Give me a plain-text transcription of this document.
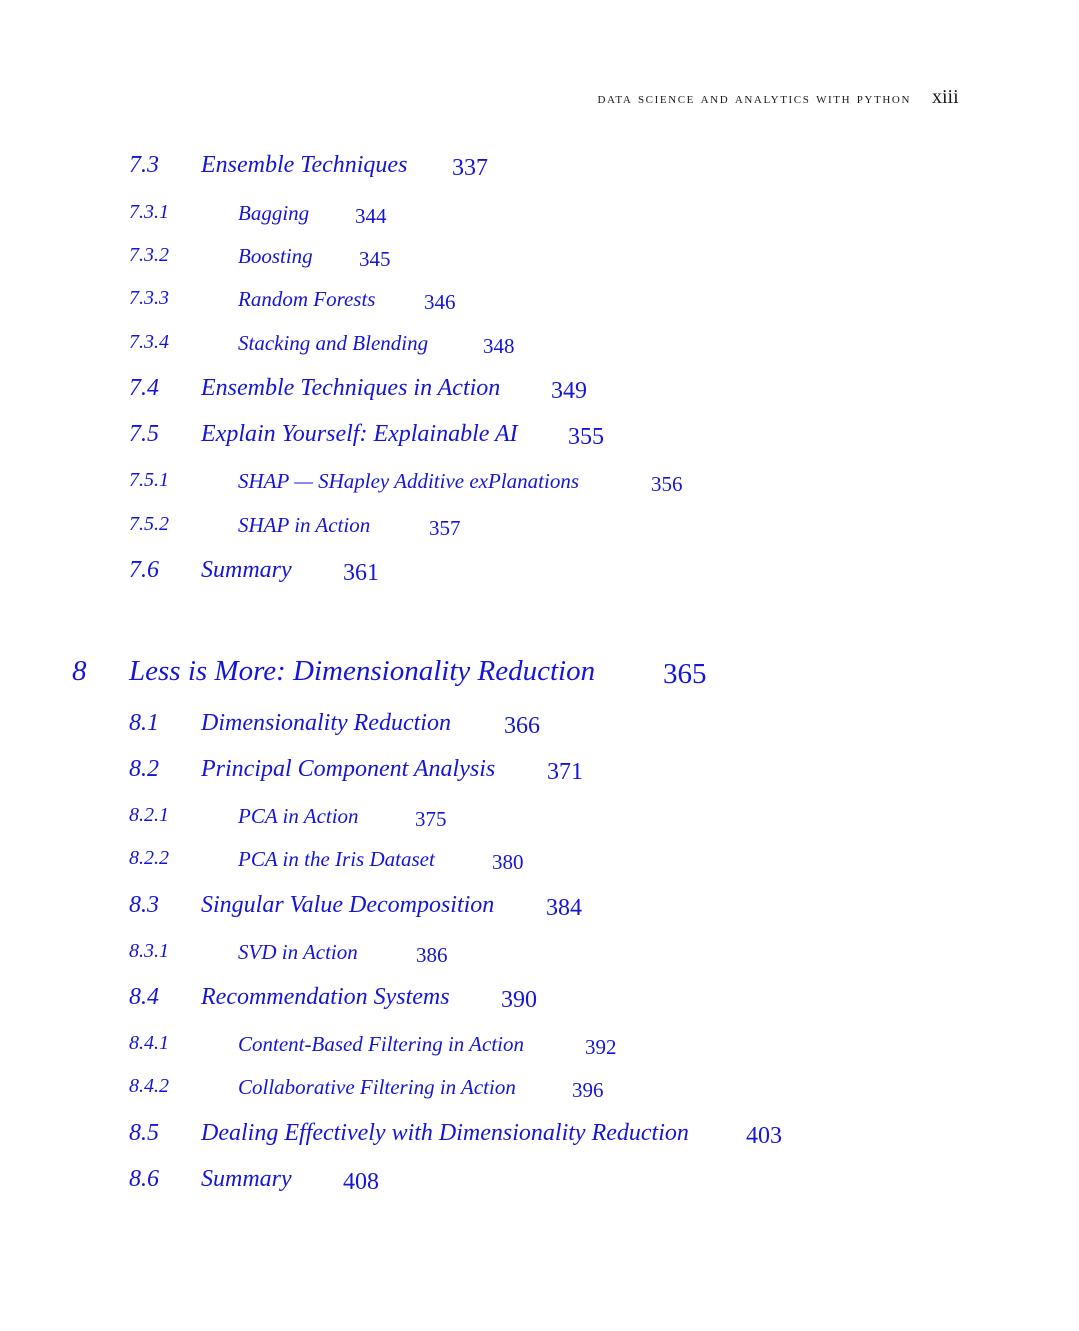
data science and analytics with python xiii
7.3 Ensemble Techniques 337
7.3.1	Bagging 344
7.3.2	Boosting 345
7.3.3	Random Forests 346
7.3.4	Stacking and Blending	348
7.4 Ensemble Techniques in Action 349
7.5 Explain Yourself: Explainable AI 355
7.5.1	SHAP — SHapley Additive exPlanations	356
7.5.2	SHAP in Action	357
7.6 Summary 361
8 Less is More: Dimensionality Reduction 365
8.1 Dimensionality Reduction 366
8.2 Principal Component Analysis 371
8.2.1	PCA in Action	375
8.2.2	PCA in the Iris Dataset	380
8.3 Singular Value Decomposition 384
8.3.1	SVD in Action	386
8.4 Recommendation Systems 390
8.4.1	Content-Based Filtering in Action	392
8.4.2	Collaborative Filtering in Action	396
8.5 Dealing Effectively with Dimensionality Reduction 403
8.6 Summary 408
